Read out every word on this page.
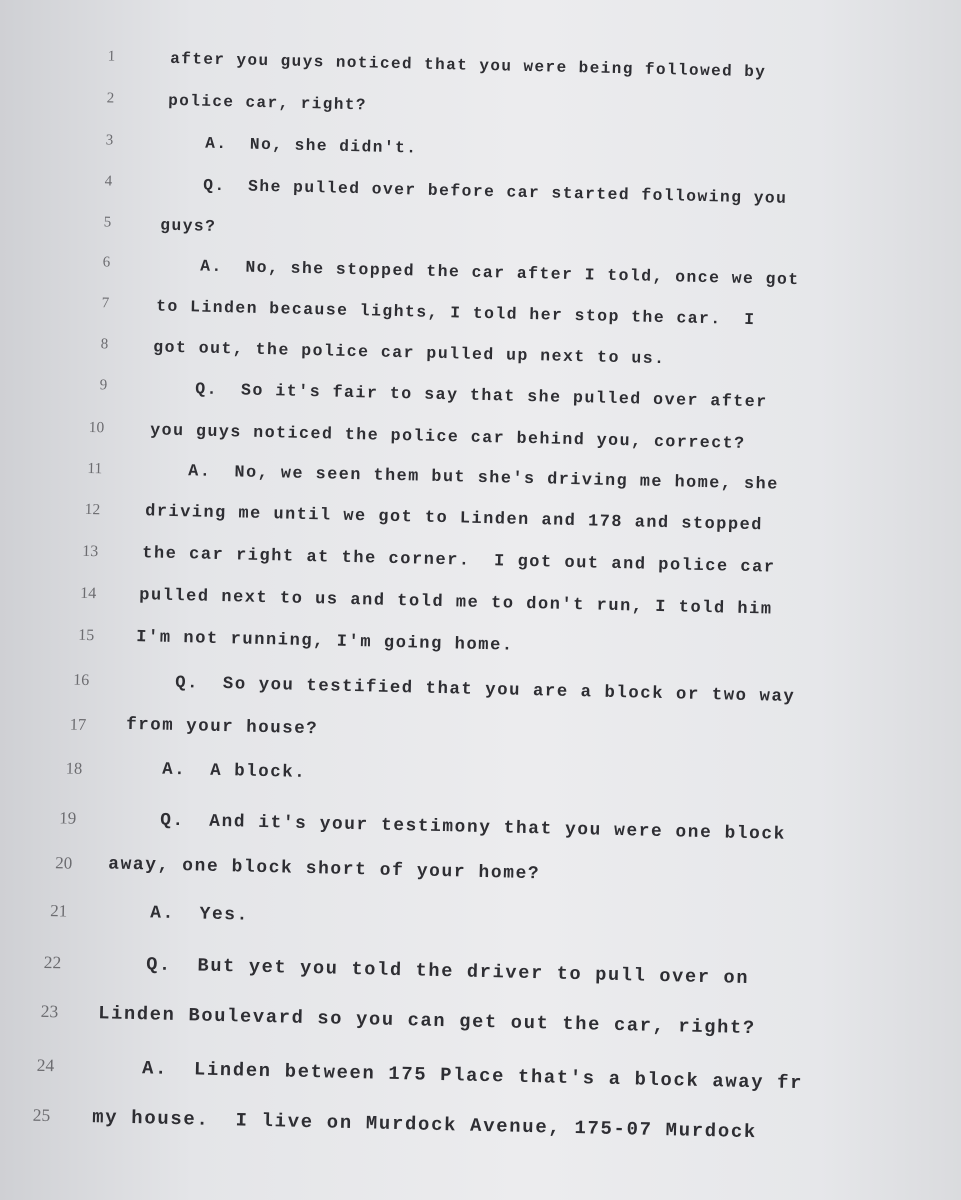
1	after you guys noticed that you were being followed by
2	police car, right?
3	A.  No, she didn't.
4	Q.  She pulled over before car started following you
5	guys?
6	A.  No, she stopped the car after I told, once we got
7	to Linden because lights, I told her stop the car.  I
8	got out, the police car pulled up next to us.
9	Q.  So it's fair to say that she pulled over after
10	you guys noticed the police car behind you, correct?
11	A.  No, we seen them but she's driving me home, she
12	driving me until we got to Linden and 178 and stopped
13	the car right at the corner.  I got out and police car
14	pulled next to us and told me to don't run, I told him
15 I'm not running, I'm going home.
16	Q.  So you testified that you are a block or two way
17 from your house?
18	A.  A block.
19	Q.  And it's your testimony that you were one block
20 away, one block short of your home?
21	A.  Yes.
22	Q.  But yet you told the driver to pull over on
23 Linden Boulevard so you can get out the car, right?
24	A.  Linden between 175 Place that's a block away fr
25 my house.  I live on Murdock Avenue, 175-07 Murdock
